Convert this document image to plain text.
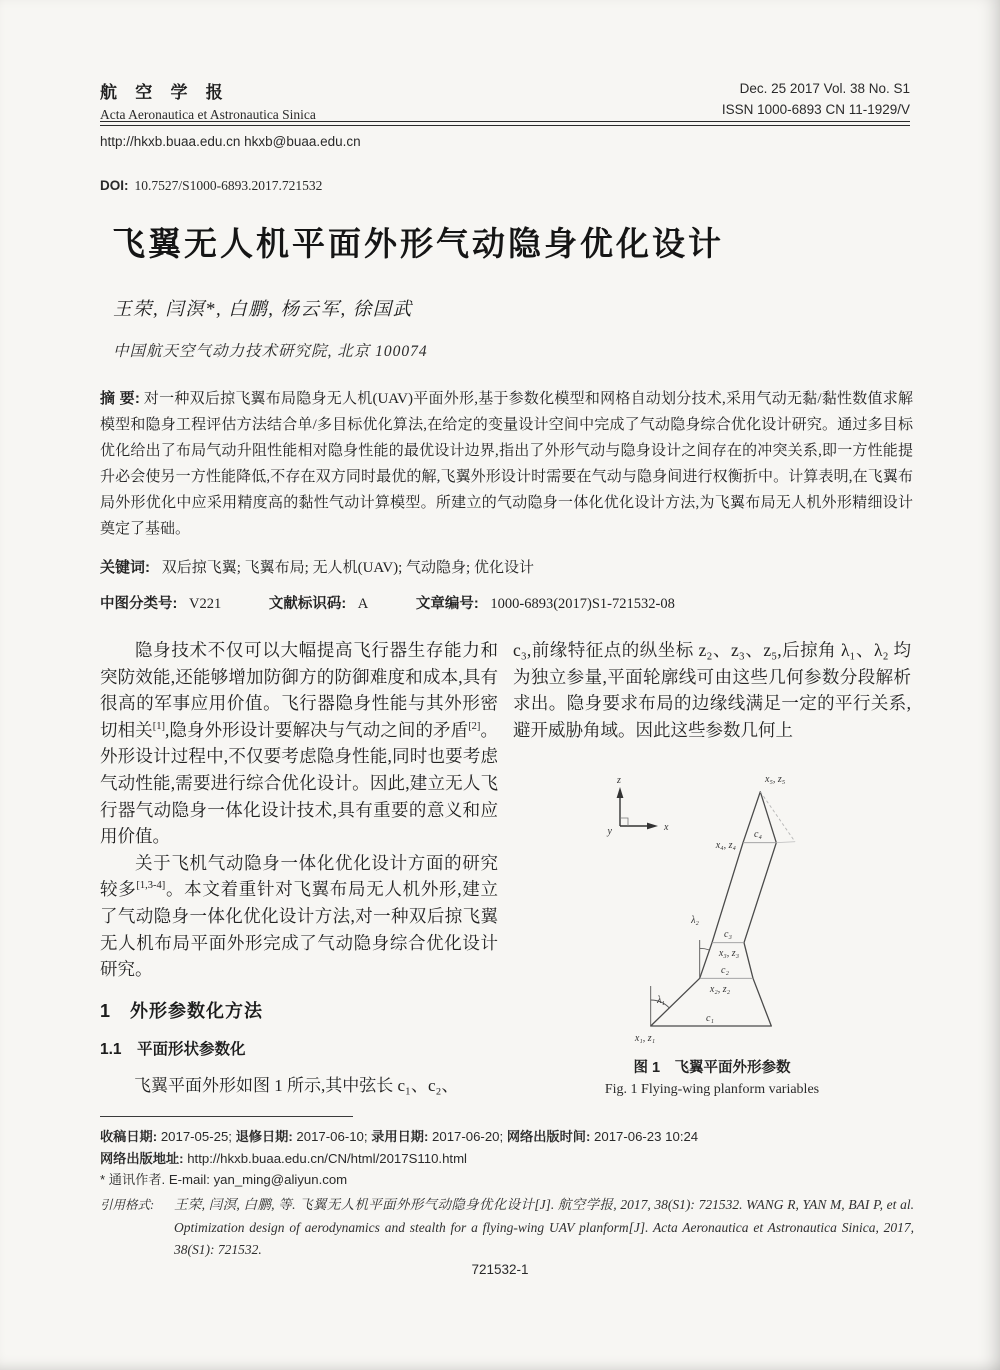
航 空 学 报
Acta Aeronautica et Astronautica Sinica
Dec. 25 2017 Vol. 38 No. S1
ISSN 1000-6893 CN 11-1929/V
http://hkxb.buaa.edu.cn hkxb@buaa.edu.cn
DOI: 10.7527/S1000-6893.2017.721532
飞翼无人机平面外形气动隐身优化设计
王荣, 闫溟*, 白鹏, 杨云军, 徐国武
中国航天空气动力技术研究院, 北京 100074

摘 要: 对一种双后掠飞翼布局隐身无人机(UAV)平面外形,基于参数化模型和网格自动划分技术,采用气动无黏/黏性数值求解模型和隐身工程评估方法结合单/多目标优化算法,在给定的变量设计空间中完成了气动隐身综合优化设计研究。通过多目标优化给出了布局气动升阻性能相对隐身性能的最优设计边界,指出了外形气动与隐身设计之间存在的冲突关系,即一方性能提升必会使另一方性能降低,不存在双方同时最优的解,飞翼外形设计时需要在气动与隐身间进行权衡折中。计算表明,在飞翼布局外形优化中应采用精度高的黏性气动计算模型。所建立的气动隐身一体化优化设计方法,为飞翼布局无人机外形精细设计奠定了基础。

关键词: 双后掠飞翼; 飞翼布局; 无人机(UAV); 气动隐身; 优化设计

中图分类号: V221	文献标识码: A	文章编号: 1000-6893(2017)S1-721532-08

隐身技术不仅可以大幅提高飞行器生存能力和突防效能,还能够增加防御方的防御难度和成本,具有很高的军事应用价值。飞行器隐身性能与其外形密切相关[1],隐身外形设计要解决与气动之间的矛盾[2]。外形设计过程中,不仅要考虑隐身性能,同时也要考虑气动性能,需要进行综合优化设计。因此,建立无人飞行器气动隐身一体化设计技术,具有重要的意义和应用价值。

关于飞机气动隐身一体化优化设计方面的研究较多[1,3-4]。本文着重针对飞翼布局无人机外形,建立了气动隐身一体化优化设计方法,对一种双后掠飞翼无人机布局平面外形完成了气动隐身综合优化设计研究。

1　外形参数化方法
1.1　平面形状参数化

飞翼平面外形如图 1 所示,其中弦长 c₁、c₂、

c₃,前缘特征点的纵坐标 z₂、z₃、z₅,后掠角 λ₁、λ₂ 均为独立参量,平面轮廓线可由这些几何参数分段解析求出。隐身要求布局的边缘线满足一定的平行关系,避开威胁角域。因此这些参数几何上

z
x
y
x₅, z₅
c₄
x₄, z₄
λ₂
c₃
x₃, z₃
c₂
x₂, z₂
λ₁
c₁
x₁, z₁
图 1　飞翼平面外形参数
Fig. 1 Flying-wing planform variables
收稿日期: 2017-05-25; 退修日期: 2017-06-10; 录用日期: 2017-06-20; 网络出版时间: 2017-06-23 10:24
网络出版地址: http://hkxb.buaa.edu.cn/CN/html/2017S110.html
* 通讯作者. E-mail: yan_ming@aliyun.com
引用格式:	王荣, 闫溟, 白鹏, 等. 飞翼无人机平面外形气动隐身优化设计[J]. 航空学报, 2017, 38(S1): 721532. WANG R, YAN M, BAI P, et al. Optimization design of aerodynamics and stealth for a flying-wing UAV planform[J]. Acta Aeronautica et Astronautica Sinica, 2017, 38(S1): 721532.
721532-1
